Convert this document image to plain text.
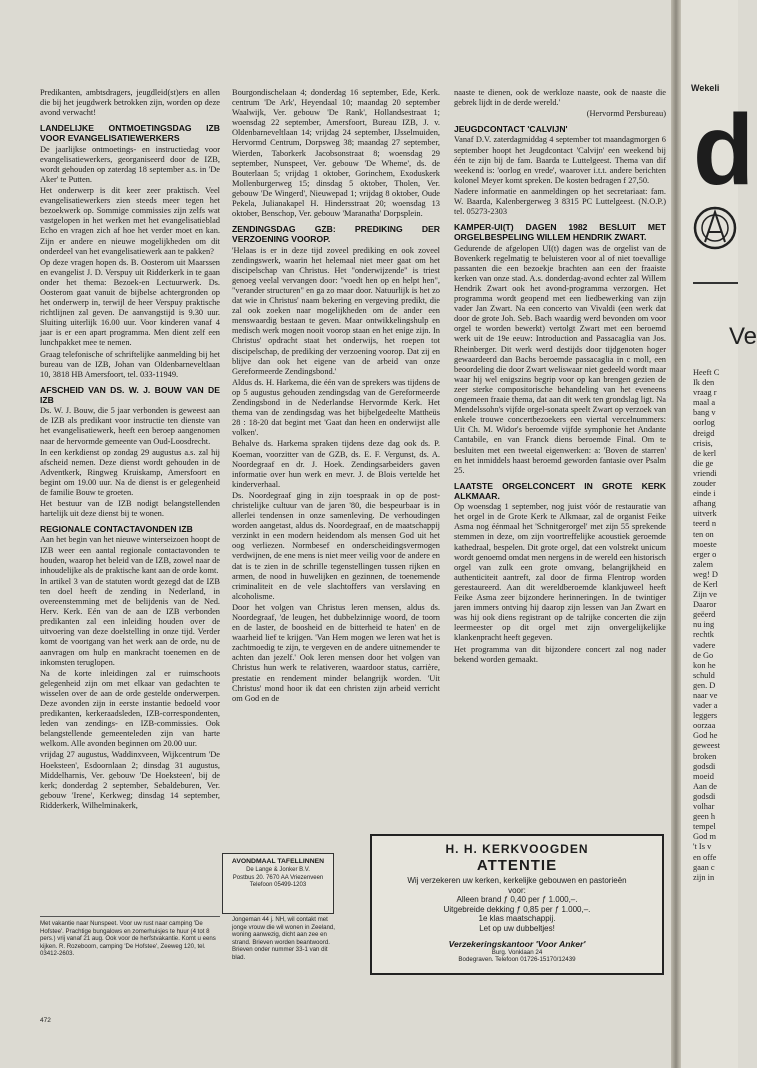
Predikanten, ambtsdragers, jeugdleid(st)ers en allen die bij het jeugdwerk betrokken zijn, worden op deze avond verwacht!

LANDELIJKE ONTMOETINGSDAG IZB VOOR EVANGELISATIEWERKERS

De jaarlijkse ontmoetings- en instructiedag voor evangelisatiewerkers, georganiseerd door de IZB, wordt gehouden op zaterdag 18 september a.s. in 'De Aker' te Putten.

Het onderwerp is dit keer zeer praktisch. Veel evangelisatiewerkers zien steeds meer tegen het bezoekwerk op. Sommige commissies zijn zelfs wat vastgelopen in het werken met het evangelisatieblad Echo en vragen zich af hoe het verder moet en kan. Zijn er andere en nieuwe mogelijkheden om dit onderdeel van het evangelisatiewerk aan te pakken?

Op deze vragen hopen ds. B. Oosterom uit Maarssen en evangelist J. D. Verspuy uit Ridderkerk in te gaan onder het thema: Bezoek-en Lectuurwerk. Ds. Oosterom gaat vanuit de bijbelse achtergronden op het onderwerp in, terwijl de heer Verspuy praktische richtlijnen zal geven. De aanvangstijd is 9.30 uur. Sluiting uiterlijk 16.00 uur. Voor kinderen vanaf 4 jaar is er een apart programma. Men dient zelf een lunchpakket mee te nemen.

Graag telefonische of schriftelijke aanmelding bij het bureau van de IZB, Johan van Oldenbarneveltlaan 10, 3818 HB Amersfoort, tel. 033-11949.

AFSCHEID VAN DS. W. J. BOUW VAN DE IZB

Ds. W. J. Bouw, die 5 jaar verbonden is geweest aan de IZB als predikant voor instructie ten dienste van het evangelisatiewerk, heeft een beroep aangenomen naar de hervormde gemeente van Oud-Loosdrecht.

In een kerkdienst op zondag 29 augustus a.s. zal hij afscheid nemen. Deze dienst wordt gehouden in de Adventkerk, Ringweg Kruiskamp, Amersfoort en begint om 19.00 uur. Na de dienst is er gelegenheid de familie Bouw te groeten.

Het bestuur van de IZB nodigt belangstellenden hartelijk uit deze dienst bij te wonen.

REGIONALE CONTACTAVONDEN IZB

Aan het begin van het nieuwe winterseizoen hoopt de IZB weer een aantal regionale contactavonden te houden, waarop het beleid van de IZB, zowel naar de inhoudelijke als de praktische kant aan de orde komt.

In artikel 3 van de statuten wordt gezegd dat de IZB ten doel heeft de zending in Nederland, in overeenstemming met de belijdenis van de Ned. Herv. Kerk. Eén van de aan de IZB verbonden predikanten zal een inleiding houden over de uitvoering van deze doelstelling in onze tijd. Verder komt de voortgang van het werk aan de orde, nu de aanvragen om hulp en mankracht toenemen en de inkomsten teruglopen.

Na de korte inleidingen zal er ruimschoots gelegenheid zijn om met elkaar van gedachten te wisselen over de aan de orde gestelde onderwerpen. Deze avonden zijn in eerste instantie bedoeld voor predikanten, kerkeraadsleden, IZB-correspondenten, leden van zendings- en IZB-commissies. Ook belangstellende gemeenteleden zijn van harte welkom. Alle avonden beginnen om 20.00 uur.

vrijdag 27 augustus, Waddinxveen, Wijkcentrum 'De Hoeksteen', Esdoornlaan 2; dinsdag 31 augustus, Middelharnis, Ver. gebouw 'De Hoeksteen', bij de kerk; donderdag 2 september, Sebaldeburen, Ver. gebouw 'Irene', Kerkweg; dinsdag 14 september, Ridderkerk, Wilhelminakerk,

Bourgondischelaan 4; donderdag 16 september, Ede, Kerk. centrum 'De Ark', Heyendaal 10; maandag 20 september Waalwijk, Ver. gebouw 'De Rank', Hollandsestraat 1; woensdag 22 september, Amersfoort, Bureau IZB, J. v. Oldenbarneveltlaan 14; vrijdag 24 september, IJsselmuiden, Hervormd Centrum, Dorpsweg 38; maandag 27 september, Wierden, Taborkerk Jacobsonstraat 8; woensdag 29 september, Nunspeet, Ver. gebouw 'De Wheme', ds. de Bouterlaan 5; vrijdag 1 oktober, Gorinchem, Exoduskerk Mollenburgerweg 15; dinsdag 5 oktober, Tholen, Ver. gebouw 'De Wingerd', Nieuwepad 1; vrijdag 8 oktober, Oude Pekela, Julianakapel H. Hindersstraat 20; woensdag 13 oktober, Benschop, Ver. gebouw 'Maranatha' Dorpsplein.

ZENDINGSDAG GZB: PREDIKING DER VERZOENING VOOROP.

'Helaas is er in deze tijd zoveel prediking en ook zoveel zendingswerk, waarin het helemaal niet meer gaat om het discipelschap van Christus. Het "onderwijzende" is triest genoeg veelal vervangen door: "voedt hen op en helpt hen", "verander structuren" en ga zo maar door. Natuurlijk is het zo dat wie in Christus' naam bekering en vergeving predikt, die zal ook zoeken naar mogelijkheden om de ander een menswaardig bestaan te geven. Maar ontwikkelingshulp en medisch werk mogen nooit voorop staan en het enige zijn. In Christus' opdracht staat het onderwijs, het roepen tot discipelschap, de prediking der verzoening voorop. Dat zij en blijve dan ook het eigene van de arbeid van onze Gereformeerde Zendingsbond.'

Aldus ds. H. Harkema, die één van de sprekers was tijdens de op 5 augustus gehouden zendingsdag van de Gereformeerde Zendingsbond in de Nederlandse Hervormde Kerk. Het thema van de zendingsdag was het bijbelgedeelte Mattheüs 28 : 18-20 dat begint met 'Gaat dan heen en onderwijst alle volken'.

Behalve ds. Harkema spraken tijdens deze dag ook ds. P. Koeman, voorzitter van de GZB, ds. E. F. Vergunst, ds. A. Noordegraaf en dr. J. Hoek. Zendingsarbeiders gaven informatie over hun werk en mevr. J. de Blois vertelde het kinderverhaal.

Ds. Noordegraaf ging in zijn toespraak in op de post-christelijke cultuur van de jaren '80, die bespeurbaar is in allerlei tendensen in onze samenleving. De verhoudingen worden aangetast, aldus ds. Noordegraaf, en de maatschappij verzinkt in een modern heidendom als mensen God uit het oog verliezen. Normbesef en onderscheidingsvermogen verdwijnen, de ene mens is niet meer veilig voor de andere en dat is te zien in de schrille tegenstellingen tussen rijken en armen, de nood in huwelijken en gezinnen, de toenemende criminaliteit en de vele slachtoffers van verslaving en alcoholisme.

Door het volgen van Christus leren mensen, aldus ds. Noordegraaf, 'de leugen, het dubbelzinnige woord, de toorn en de laster, de boosheid en de bitterheid te haten' en de waarheid lief te krijgen. 'Van Hem mogen we leren wat het is zachtmoedig te zijn, te vergeven en de andere uitnemender te achten dan jezelf.' Ook leren mensen door het volgen van Christus hun werk te relativeren, waardoor status, carrière, prestatie en rendement minder belangrijk worden. 'Uit Christus' mond hoor ik dat een christen zijn arbeid verricht om God en de

naaste te dienen, ook de werkloze naaste, ook de naaste die gebrek lijdt in de derde wereld.'

(Hervormd Persbureau)

JEUGDCONTACT 'CALVIJN'

Vanaf D.V. zaterdagmiddag 4 september tot maandagmorgen 6 september hoopt het Jeugdcontact 'Calvijn' een weekend bij één te zijn bij de fam. Baarda te Luttelgeest. Thema van dif weekend is: 'oorlog en vrede', waarover i.t.t. andere berichten kolonel Meyer komt spreken. De kosten bedragen f 27,50.

Nadere informatie en aanmeldingen op het secretariaat: fam. W. Baarda, Kalenbergerweg 3 8315 PC Luttelgeest. (N.O.P.) tel. 05273-2303

KAMPER-UI(T) DAGEN 1982 BESLUIT MET ORGELBESPELING WILLEM HENDRIK ZWART.

Gedurende de afgelopen UI(t) dagen was de orgelist van de Bovenkerk regelmatig te beluisteren voor al of niet toevallige passanten die een bezoekje brachten aan een der fraaiste kerken van onze stad. A.s. donderdag-avond echter zal Willem Hendrik Zwart ook het avond-programma verzorgen. Het programma wordt geopend met een liedbewerking van zijn vader Jan Zwart. Na een concerto van Vivaldi (een werk dat door de grote Joh. Seb. Bach waardig werd bevonden om voor orgel te worden bewerkt) vertolgt Zwart met een beroemd werk uit de 19e eeuw: Introduction and Passacaglia van Jos. Rheinberger. Dit werk werd destijds door tijdgenoten hoger gewaardeerd dan Bachs beroemde passacaglia in c moll, een beoordeling die door Zwart weliswaar niet gedeeld wordt maar waar hij wel enigszins begrip voor op kan brengen gezien de zeer sterke compositorische behandeling van het eveneens ongemeen fraaie thema, dat aan dit werk ten grondslag ligt. Na Mendelssohn's vijfde orgel-sonata speelt Zwart op verzoek van enkele trouwe concertbezoekers een viertal vercelnummers: Uit Ch. M. Widor's beroemde vijfde symphonie het Andante Cantabile, en van Franck diens beroemde Final. Om te besluiten met een tweetal eigenwerken: a: 'Boven de starren' en het inmiddels haast beroemd geworden fantasie over Psalm 25.

LAATSTE ORGELCONCERT IN GROTE KERK ALKMAAR.

Op woensdag 1 september, nog juist vóór de restauratie van het orgel in de Grote Kerk te Alkmaar, zal de organist Feike Asma nog éénmaal het 'Schnitgerorgel' met zijn 55 sprekende stemmen in deze, om zijn voortreffelijke acoustiek geroemde kathedraal, bespelen. Dit grote orgel, dat een volstrekt unicum wordt genoemd omdat men nergens in de wereld een historisch orgel van zulk een grote omvang, belangrijkheid en authenticiteit aantreft, zal door de firma Flentrop worden gerestaureerd. Aan dit wereldberoemde klankjuweel heeft Feike Asma zeer bijzondere herinneringen. In de twintiger jaren immers ontving hij daarop zijn lessen van Jan Zwart en was hij ook diens registrant op de talrijke concerten die zijn leermeester op dit orgel met zijn onvergelijkelijke klankenpracht heeft gegeven.

Het programma van dit bijzondere concert zal nog nader bekend worden gemaakt.

AVONDMAAL TAFELLINNEN
De Lange & Jonker B.V.
Postbus 20. 7670 AA Vriezenveen
Telefoon 05499-1203
Met vakantie naar Nunspeet. Voor uw rust naar camping 'De Hofstee'. Prachtige bungalows en zomerhuisjes te huur (4 tot 8 pers.) vrij vanaf 21 aug. Ook voor de herfstvakantie. Komt u eens kijken. R. Rozeboom, camping 'De Hofstee', Zeeweg 120, tel. 03412-2603.
Jongeman 44 j. NH, wil contakt met jonge vrouw die wil wonen in Zeeland, woning aanwezig, dicht aan zee en strand. Brieven worden beantwoord. Brieven onder nummer 33-1 van dit blad.
H. H. KERKVOOGDEN
ATTENTIE
Wij verzekeren uw kerken, kerkelijke gebouwen en pastorieën
voor:
Alleen brand ƒ 0,40 per ƒ 1.000,–.
Uitgebreide dekking ƒ 0,85 per ƒ 1.000,–.
1e klas maatschappij.
Let op uw dubbeltjes!
Verzekeringskantoor 'Voor Anker'
Burg. Vonklaan 24
Bodegraven. Telefoon 01726-15170/12439
472
Wekeli
d
Ve
Heeft C
Ik den
vraag r
maal a
bang v
oorlog
dreigd
crisis,
de kerl
die ge
vriendi
zouder
einde i
afhang
uitverk
teerd n
ten on
moeste
erger o
zalem
weg! D
de Kerl
Zijn ve
Daaror
geëerd
nu ing
rechtk
vadere
de Go
kon he
schuld
gen. D
naar ve
vader a
leggers
oorzaa
God he
geweest
broken
godsdi
moeid
Aan de
godsdi
volhar
geen h
tempel
God m
't Is v
en offe
gaan c
zijn in
